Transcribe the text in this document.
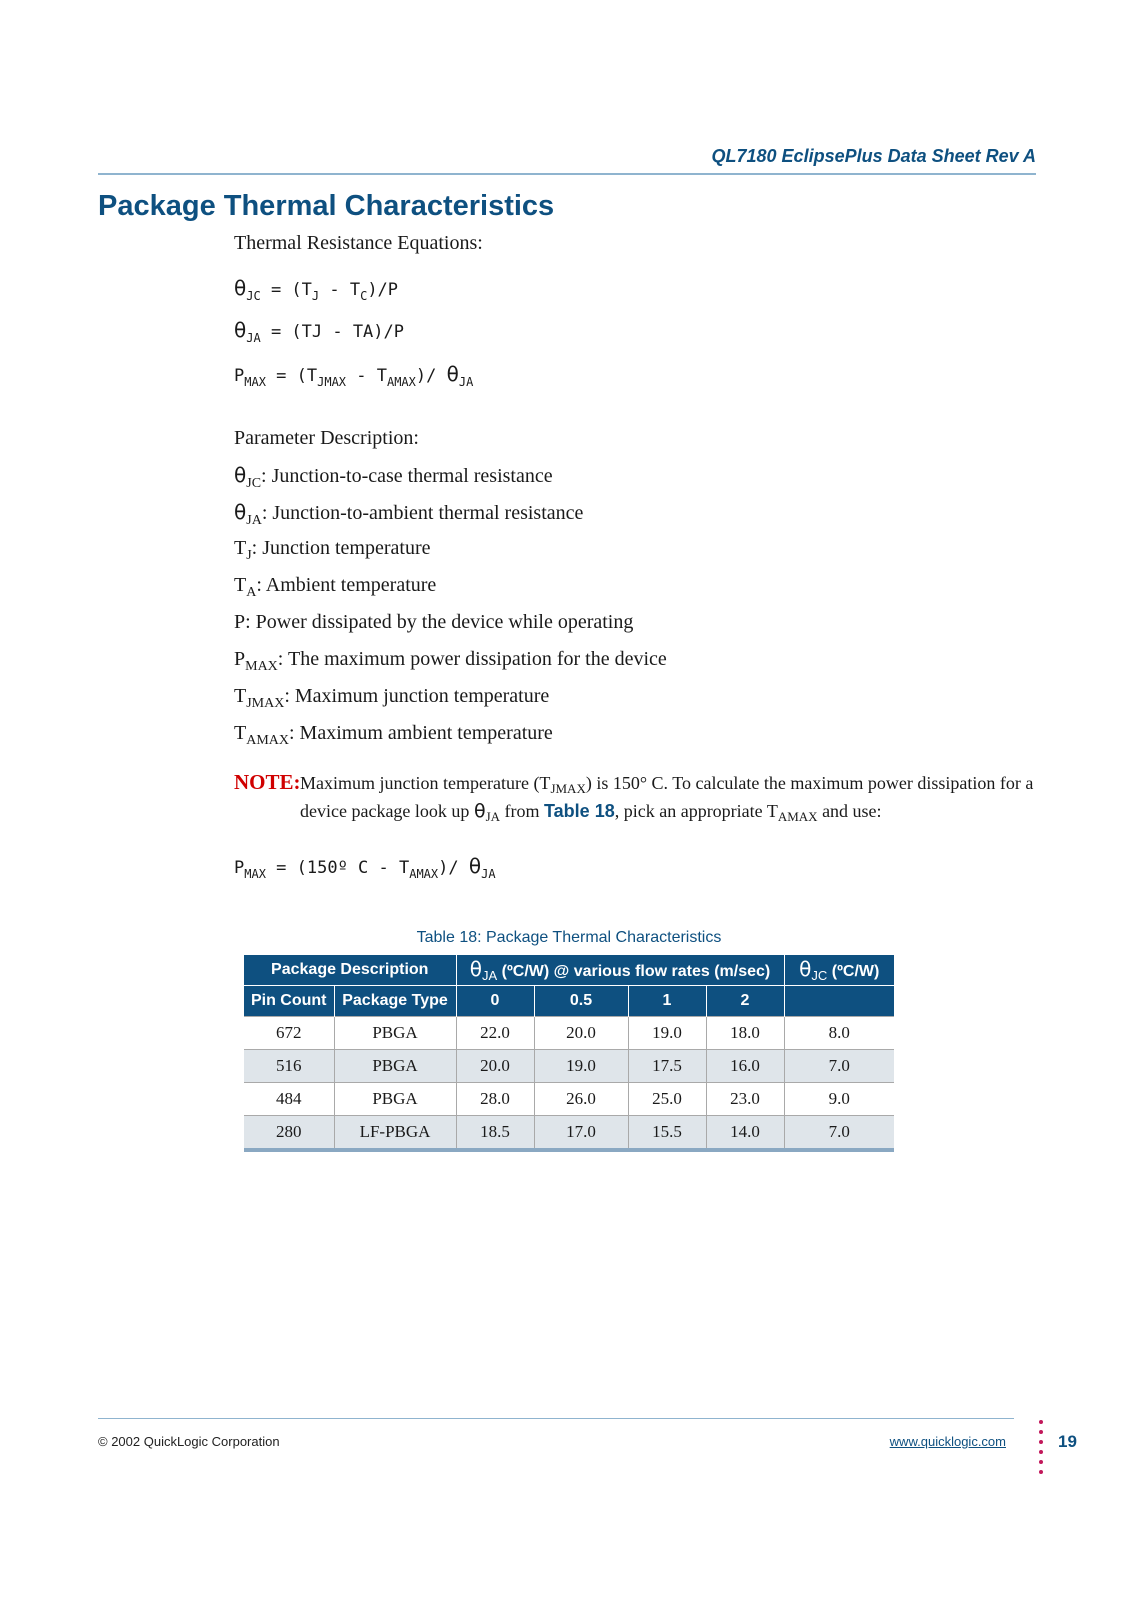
QL7180 EclipsePlus Data Sheet Rev A
Package Thermal Characteristics
Thermal Resistance Equations:
$\theta_{JC} = (T_J - T_C)/P$
$\theta_{JA} = (TJ - TA)/P$
$P_{MAX} = (T_{JMAX} - T_{AMAX})/$ $\theta_{JA}$
Parameter Description:
$\theta_{JC}$: Junction-to-case thermal resistance
$\theta_{JA}$: Junction-to-ambient thermal resistance
$T_J$: Junction temperature
$T_A$: Ambient temperature
P: Power dissipated by the device while operating
$P_{MAX}$: The maximum power dissipation for the device
$T_{JMAX}$: Maximum junction temperature
$T_{AMAX}$: Maximum ambient temperature
NOTE: Maximum junction temperature $(T_{JMAX})$ is 150° C. To calculate the maximum power dissipation for a device package look up $\theta_{JA}$ from Table 18, pick an appropriate $T_{AMAX}$ and use:
$P_{MAX}$ = (150º C - $T_{AMAX})/$ $\theta_{JA}$
Table 18: Package Thermal Characteristics
Package Description		$\theta_{JA}$ (ºC/W) @ various flow rates (m/sec)				$\theta_{JC}$ (ºC/W)
Pin Count	Package Type	0	0.5	1	2	
672	PBGA	22.0	20.0	19.0	18.0	8.0
516	PBGA	20.0	19.0	17.5	16.0	7.0
484	PBGA	28.0	26.0	25.0	23.0	9.0
280	LF-PBGA	18.5	17.0	15.5	14.0	7.0
© 2002 QuickLogic Corporation	www.quicklogic.com	19
